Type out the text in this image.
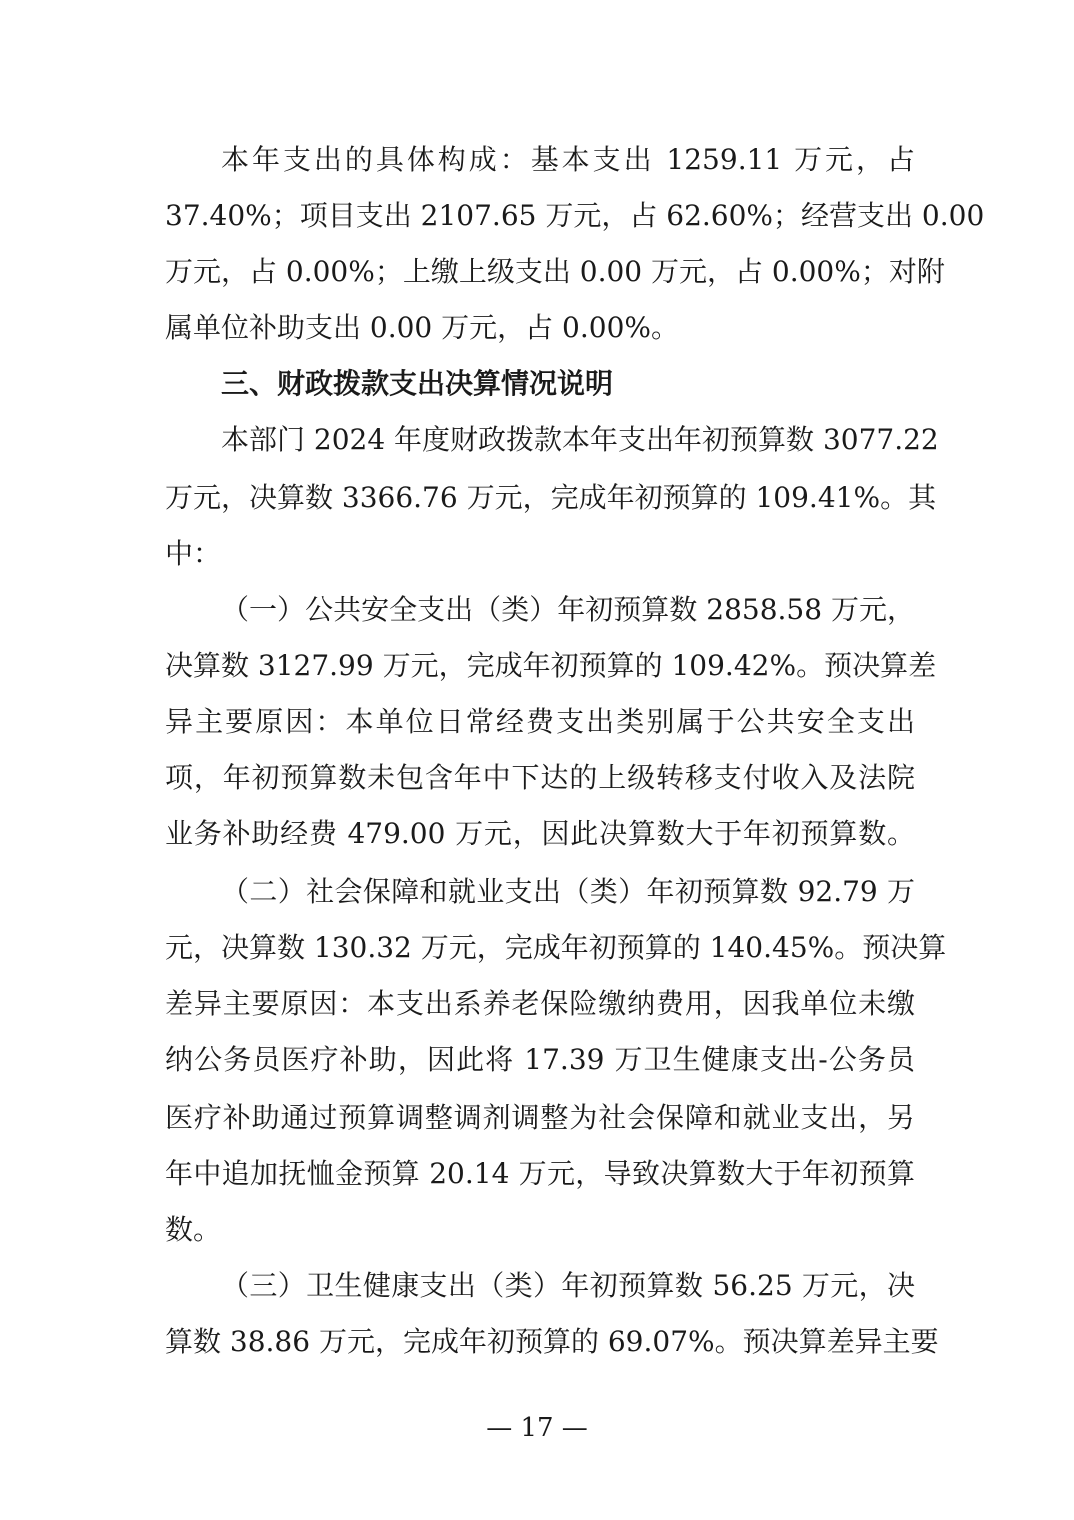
本年支出的具体构成：基本支出 1259.11 万元，占
37.40%；项目支出 2107.65 万元，占 62.60%；经营支出 0.00
万元，占 0.00%；上缴上级支出 0.00 万元，占 0.00%；对附
属单位补助支出 0.00 万元，占 0.00%。
三、财政拨款支出决算情况说明
本部门 2024 年度财政拨款本年支出年初预算数 3077.22
万元，决算数 3366.76 万元，完成年初预算的 109.41%。其
中：
（一）公共安全支出（类）年初预算数 2858.58 万元，
决算数 3127.99 万元，完成年初预算的 109.42%。预决算差
异主要原因：本单位日常经费支出类别属于公共安全支出
项，年初预算数未包含年中下达的上级转移支付收入及法院
业务补助经费 479.00 万元，因此决算数大于年初预算数。
（二）社会保障和就业支出（类）年初预算数 92.79 万
元，决算数 130.32 万元，完成年初预算的 140.45%。预决算
差异主要原因：本支出系养老保险缴纳费用，因我单位未缴
纳公务员医疗补助，因此将 17.39 万卫生健康支出-公务员
医疗补助通过预算调整调剂调整为社会保障和就业支出，另
年中追加抚恤金预算 20.14 万元，导致决算数大于年初预算
数。
（三）卫生健康支出（类）年初预算数 56.25 万元，决
算数 38.86 万元，完成年初预算的 69.07%。预决算差异主要
— 17 —
